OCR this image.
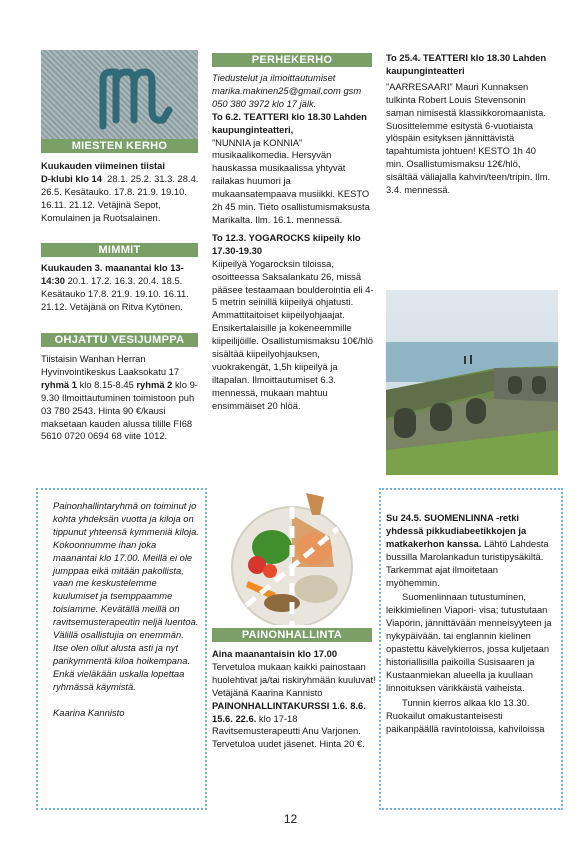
MIESTEN KERHO

Kuukauden viimeinen tiistai

D-klubi klo 14 28.1. 25.2. 31.3. 28.4. 26.5. Kesätauko. 17.8. 21.9. 19.10. 16.11. 21.12. Vetäjinä Sepot, Komulainen ja Ruotsalainen.

MIMMIT

Kuukauden 3. maanantai klo 13-14:30 20.1. 17.2. 16.3. 20.4. 18.5. Kesätauko 17.8. 21.9. 19.10. 16.11. 21.12. Vetäjänä on Ritva Kytönen.

OHJATTU VESIJUMPPA

Tiistaisin Wanhan Herran Hyvinvointikeskus Laaksokatu 17 ryhmä 1 klo 8.15-8.45 ryhmä 2 klo 9-9.30 Ilmoittautuminen toimistoon puh 03 780 2543. Hinta 90 €/kausi maksetaan kauden alussa tilille FI68 5610 0720 0694 68 viite 1012.

PERHEKERHO

Tiedustelut ja ilmoittautumiset marika.makinen25@gmail.com gsm 050 380 3972 klo 17 jälk.

To 6.2. TEATTERI klo 18.30 Lahden kaupunginteatteri,

”NUNNIA ja KONNIA” musikaalikomedia. Hersyvän hauskassa musikaalissa yhtyvät railakas huumori ja mukaansatempaava musiikki. KESTO 2h 45 min. Tieto osallistumismaksusta Marikalta. Ilm. 16.1. mennessä.

To 12.3. YOGAROCKS kiipeily klo 17.30-19.30

Kiipeilyä Yogarocksin tiloissa, osoitteessa Saksalankatu 26, missä pääsee testaamaan boulderointia eli 4-5 metrin seinillä kiipeilyä ohjatusti. Ammattitaitoiset kiipeilyohjaajat. Ensikertalaisille ja kokeneemmille kiipeilijöille. Osallistumismaksu 10€/hlö sisältää kiipeilyohjauksen, vuokrakengät, 1,5h kiipeilyä ja iltapalan. Ilmoittautumiset 6.3. mennessä, mukaan mahtuu ensimmäiset 20 hlöä.

To 25.4. TEATTERI klo 18.30 Lahden kaupunginteatteri

”AARRESAARI” Mauri Kunnaksen tulkinta Robert Louis Stevensonin saman nimisestä klassikkoromaanista. Suosittelemme esitystä 6-vuotiaista ylöspäin esityksen jännittävistä tapahtumista johtuen! KESTO 1h 40 min. Osallistumismaksu 12€/hlö, sisältää väliajalla kahvin/teen/tripin. Ilm. 3.4. mennessä.

Painonhallintaryhmä on toiminut jo kohta yhdeksän vuotta ja kiloja on tippunut yhteensä kymmeniä kiloja. Kokoonnumme ihan joka maanantai klo 17.00. Meillä ei ole jumppaa eikä mitään pakollista, vaan me keskustelemme kuulumiset ja tsemppaamme toisiamme. Kevätällä meillä on ravitsemusterapeutin neljä luentoa. Välillä osallistujia on enemmän. Itse olen ollut alusta asti ja nyt parikymmentä kiloa hoikempana. Enkä vieläkään uskalla lopettaa ryhmässä käymistä.

Kaarina Kannisto

PAINONHALLINTA

Aina maanantaisin klo 17.00

Tervetuloa mukaan kaikki painostaan huolehtivat ja/tai riskiryhmään kuuluvat! Vetäjänä Kaarina Kannisto

PAINONHALLINTAKURSSI 1.6. 8.6. 15.6. 22.6. klo 17-18 Ravitsemusterapeutti Anu Varjonen. Tervetuloa uudet jäsenet. Hinta 20 €.

Su 24.5. SUOMENLINNA -retki yhdessä pikkudiabeetikkojen ja matkakerhon kanssa. Lähtö Lahdesta bussilla Marolankadun turistipysäkiltä. Tarkemmat ajat ilmoitetaan myöhemmin.

Suomenlinnaan tutustuminen, leikkimielinen Viapori- visa; tutustutaan Viaporin, jännittävään menneisyyteen ja nykypäivään. tai englannin kielinen opastettu kävelykierros, jossa kuljetaan historiallisilla paikoilla Susisaaren ja Kustaanmiekan alueella ja kuullaan linnoituksen värikkäistä vaiheista.

Tunnin kierros alkaa klo 13.30. Ruokailut omakustanteisesti paikanpäällä ravintoloissa, kahviloissa

12
